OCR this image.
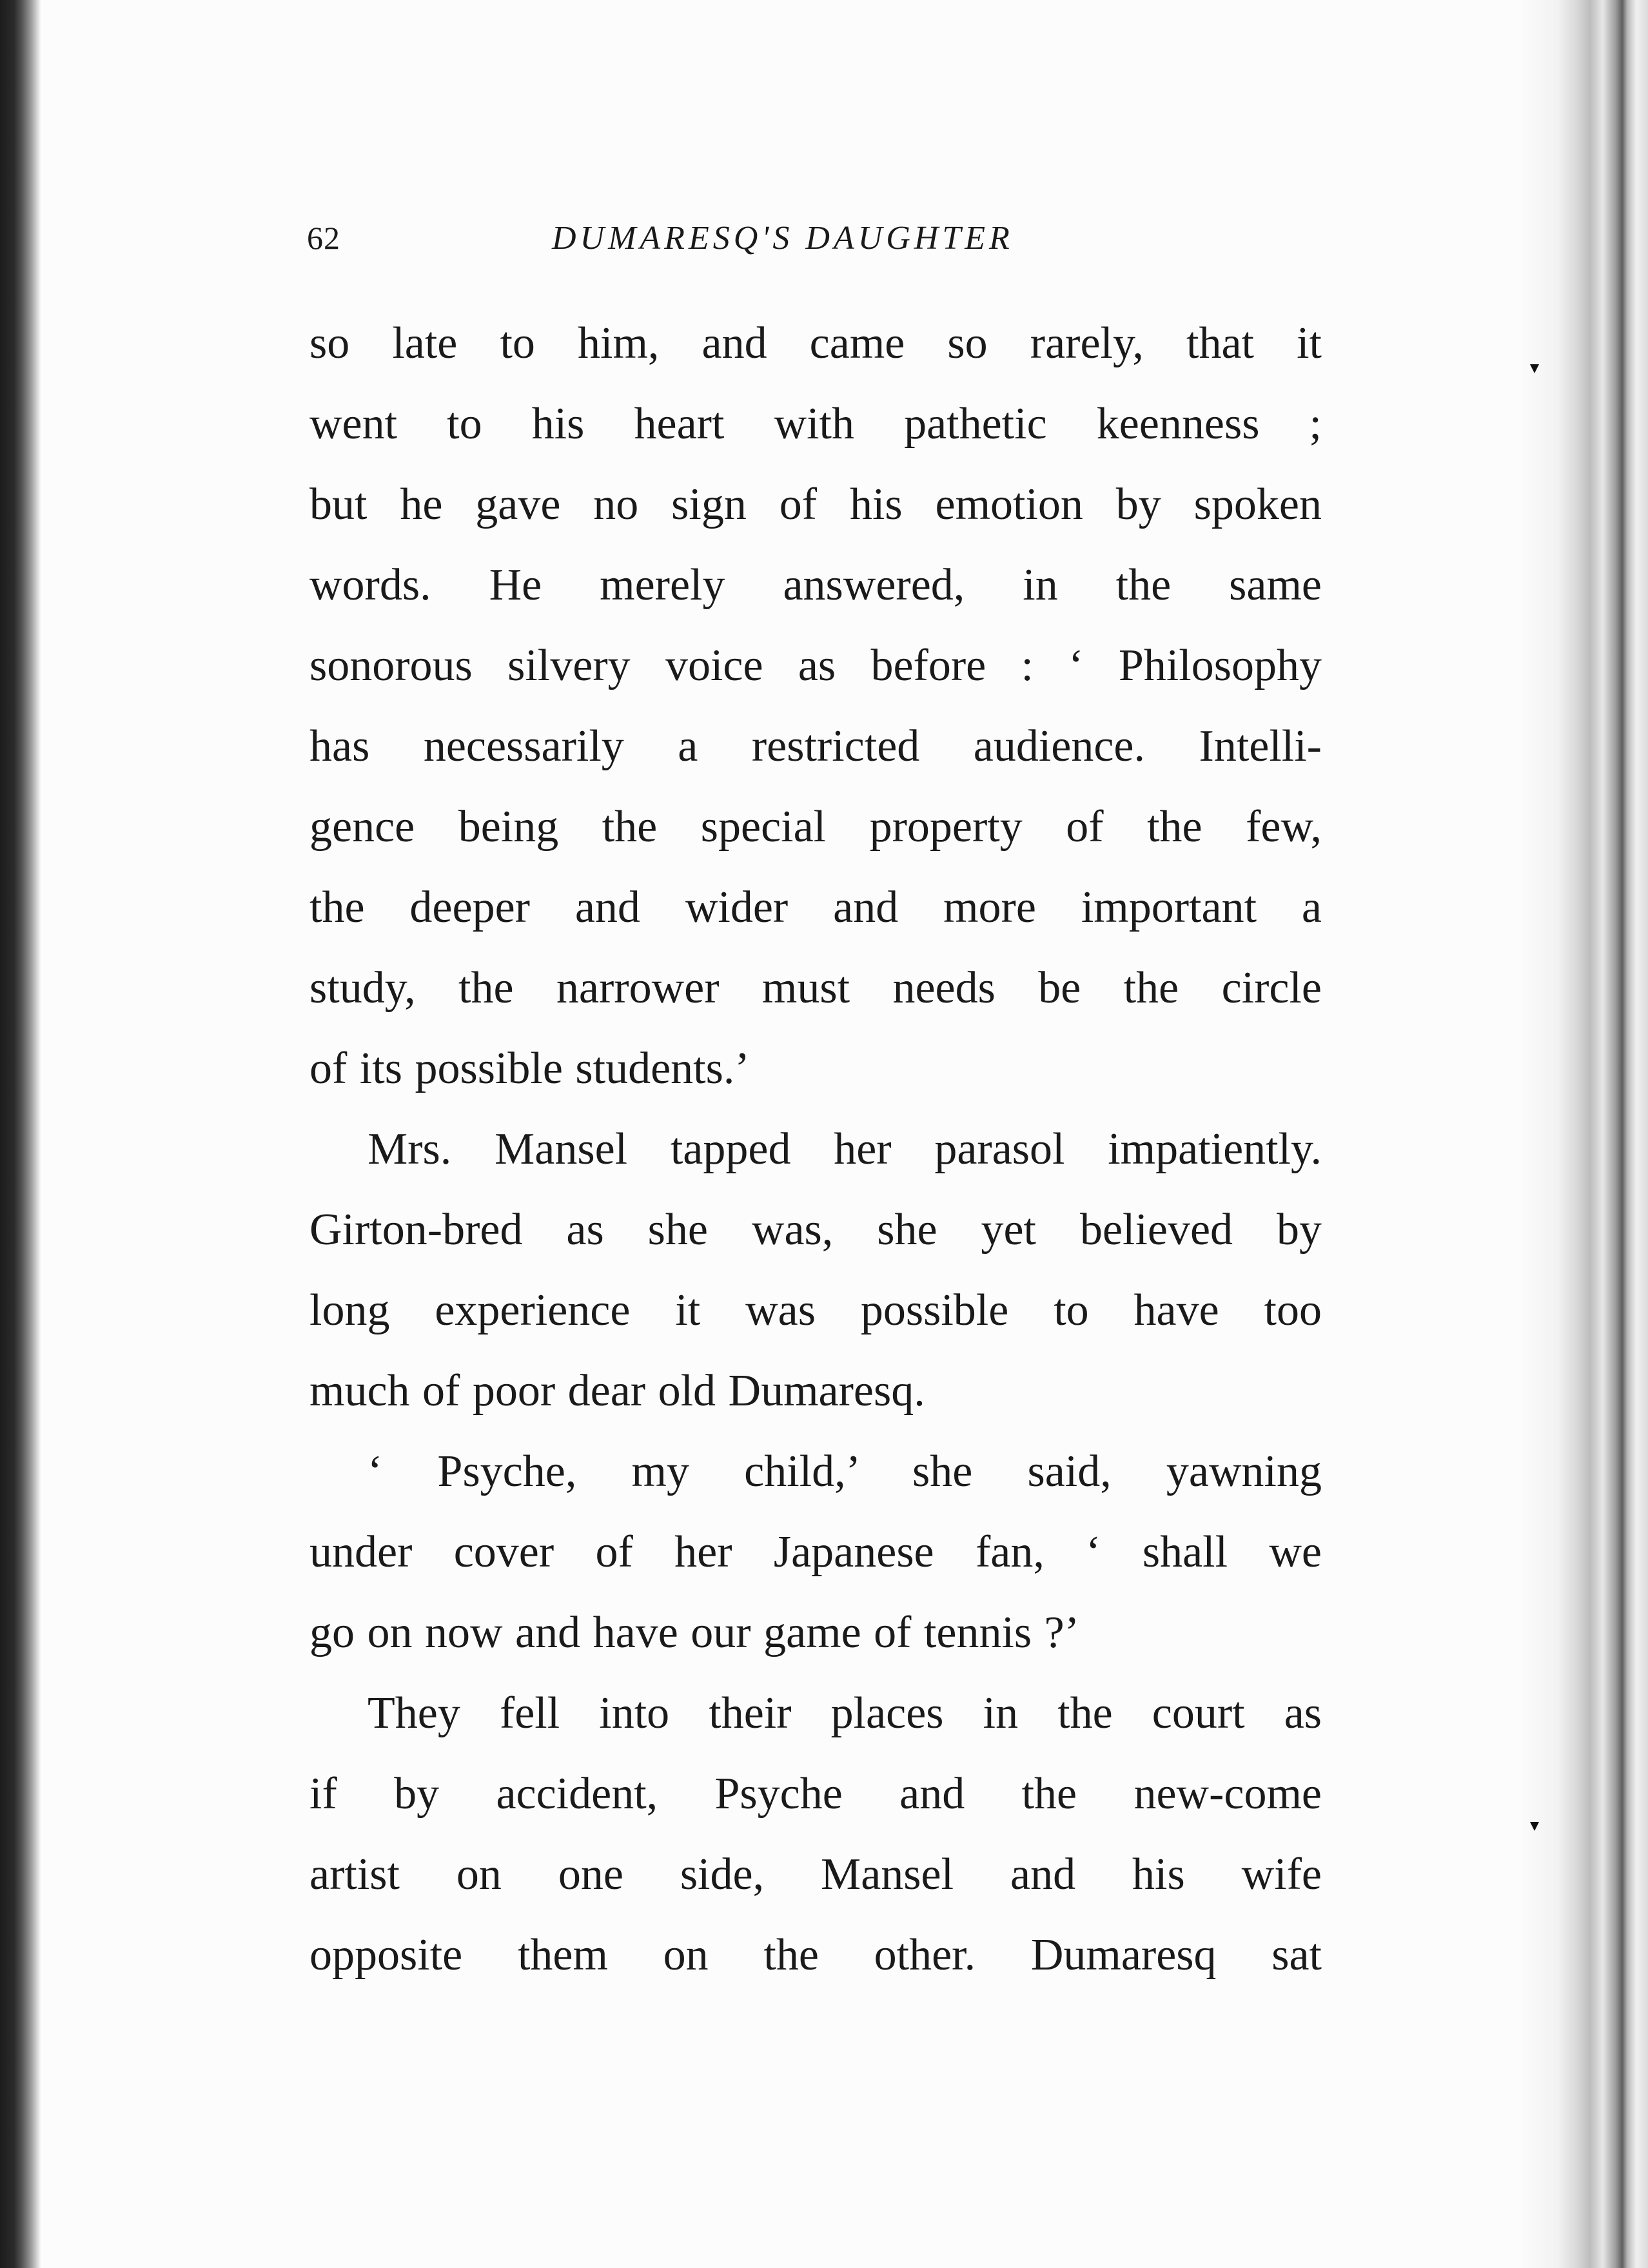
62	DUMARESQ'S DAUGHTER
so late to him, and came so rarely, that it
went to his heart with pathetic keenness ;
but he gave no sign of his emotion by spoken
words. He merely answered, in the same
sonorous silvery voice as before : ‘ Philosophy
has necessarily a restricted audience. Intelli-
gence being the special property of the few,
the deeper and wider and more important a
study, the narrower must needs be the circle
of its possible students.’
Mrs. Mansel tapped her parasol impatiently.
Girton-bred as she was, she yet believed by
long experience it was possible to have too
much of poor dear old Dumaresq.
‘ Psyche, my child,’ she said, yawning
under cover of her Japanese fan, ‘ shall we
go on now and have our game of tennis ?’
They fell into their places in the court as
if by accident, Psyche and the new-come
artist on one side, Mansel and his wife
opposite them on the other. Dumaresq sat
